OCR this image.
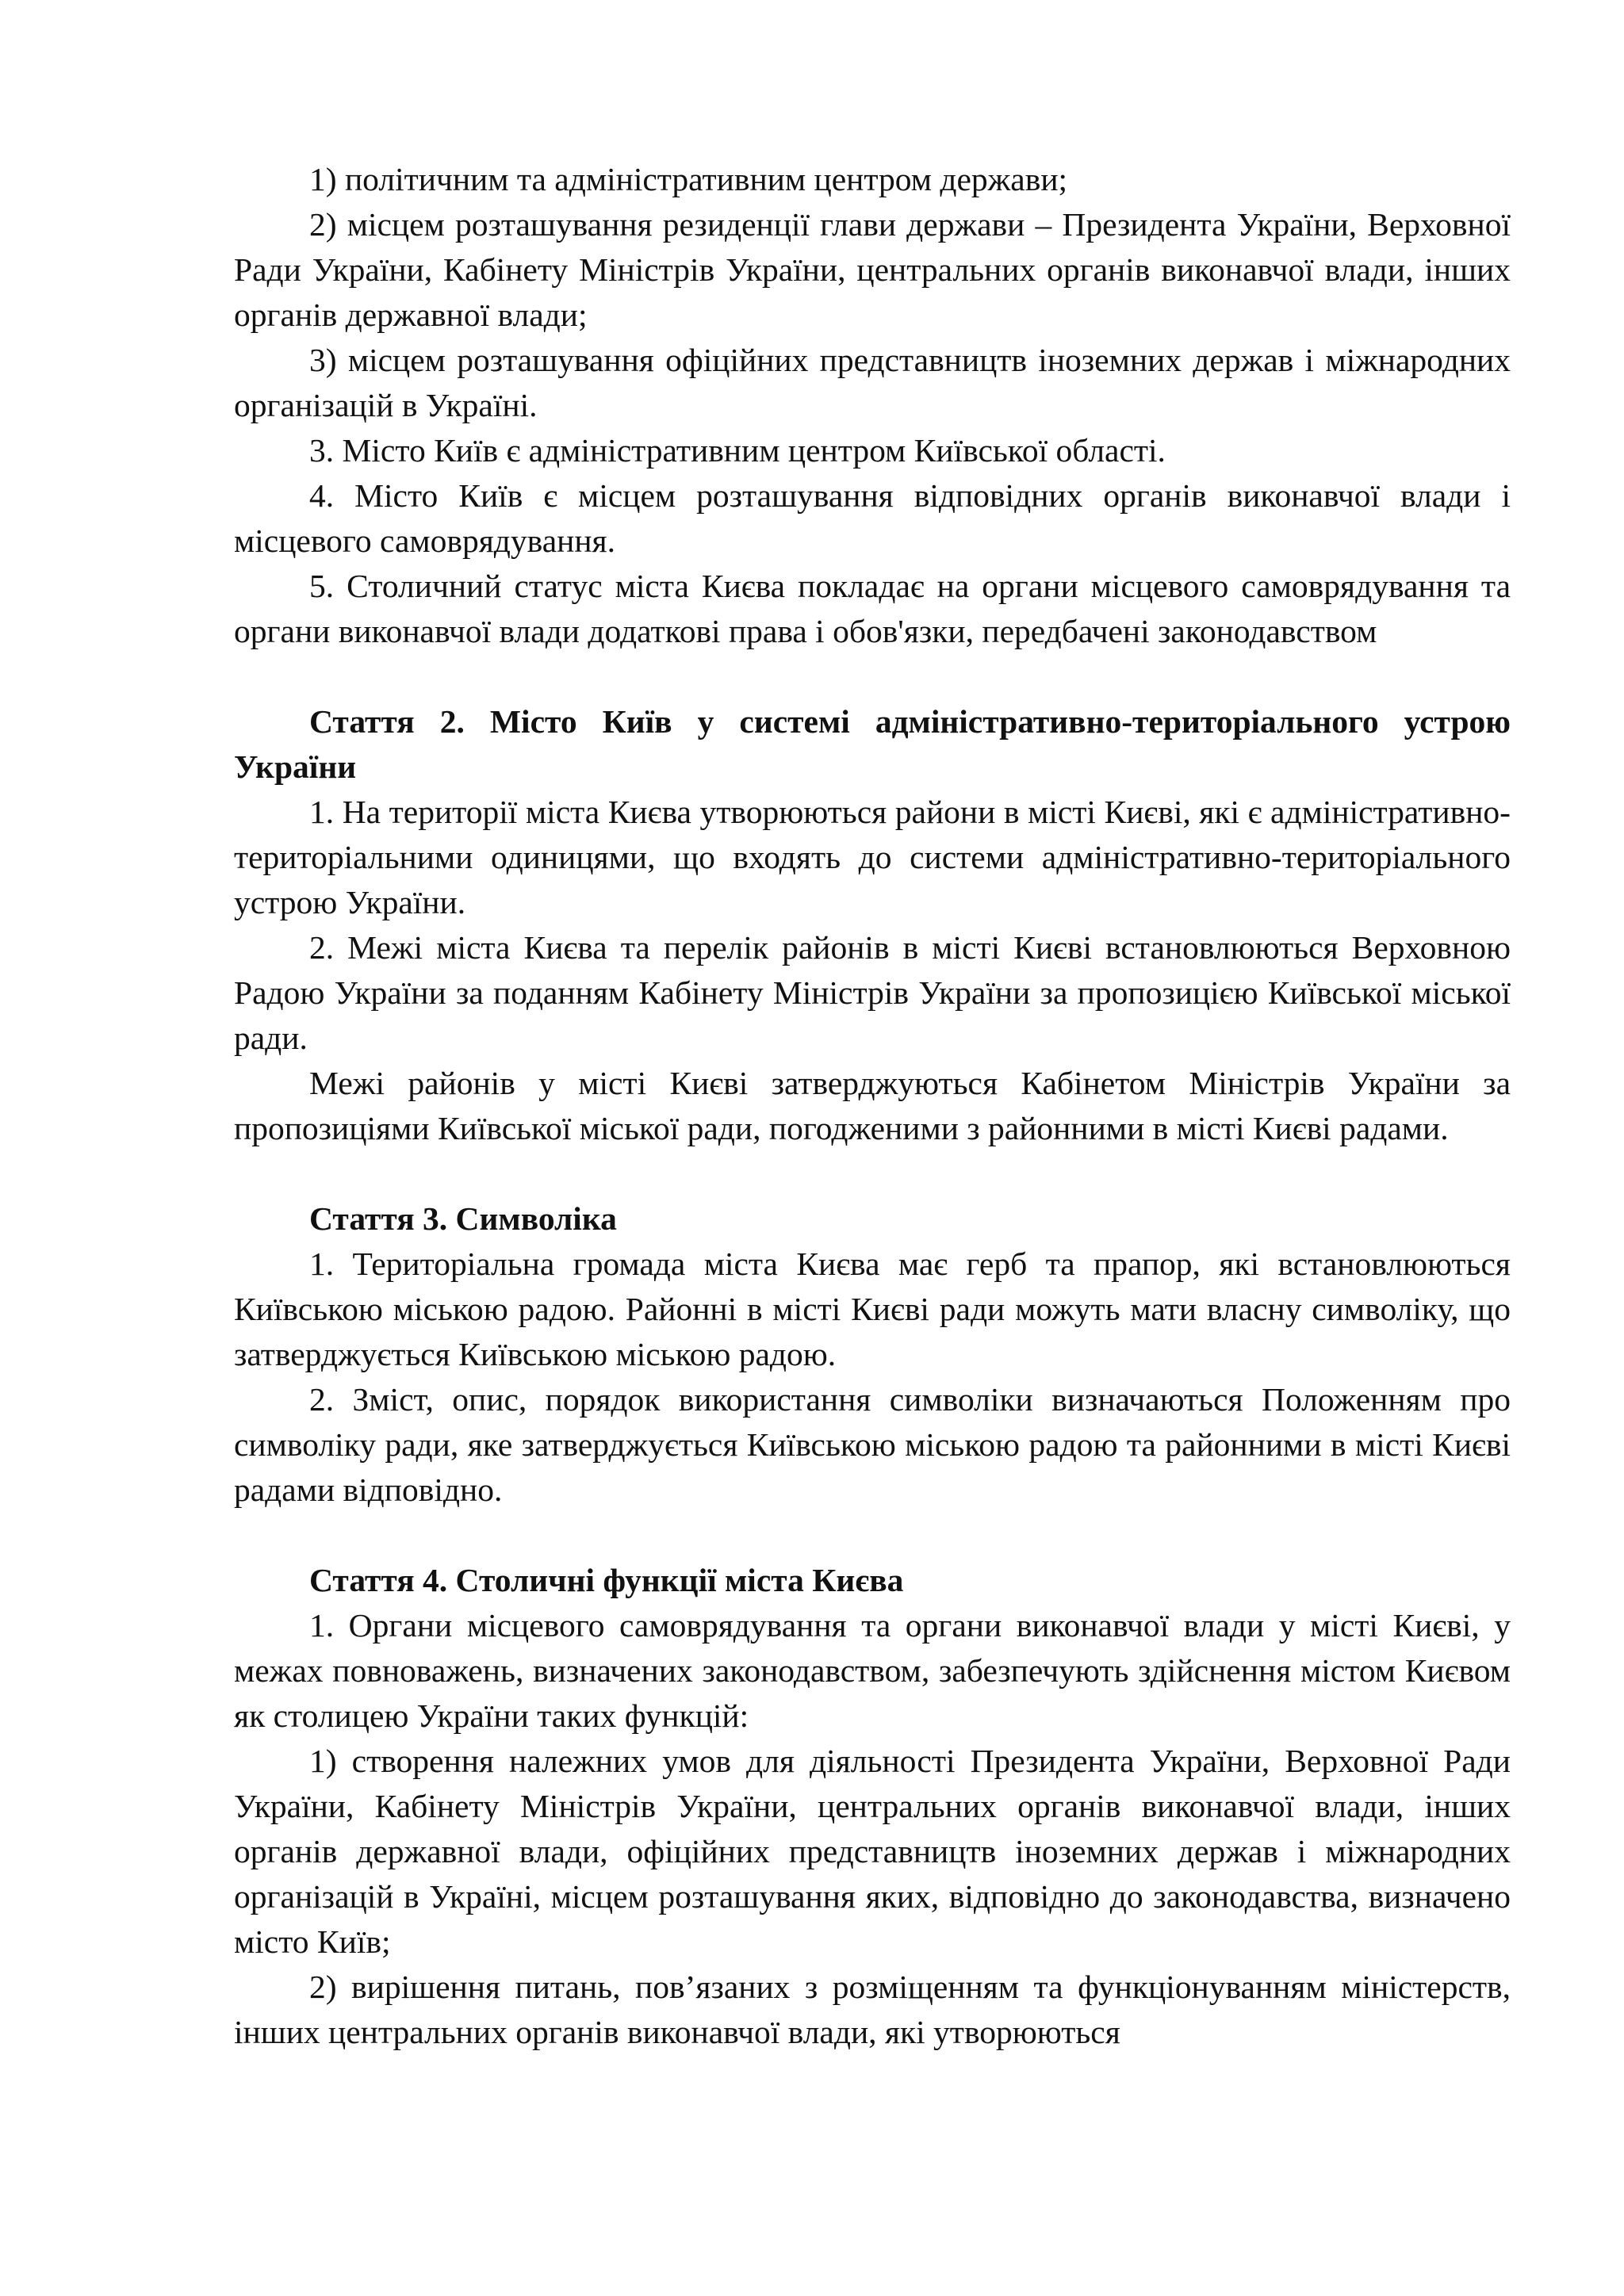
1) політичним та адміністративним центром держави;

2) місцем розташування резиденції глави держави – Президента України, Верховної Ради України, Кабінету Міністрів України, центральних органів виконавчої влади, інших органів державної влади;

3) місцем розташування офіційних представництв іноземних держав і міжнародних організацій в Україні.

3. Місто Київ є адміністративним центром Київської області.

4. Місто Київ є місцем розташування відповідних органів виконавчої влади і місцевого самоврядування.

5. Столичний статус міста Києва покладає на органи місцевого самоврядування та органи виконавчої влади додаткові права і обов'язки, передбачені законодавством

Стаття 2. Місто Київ у системі адміністративно-територіального устрою України

1. На території міста Києва утворюються райони в місті Києві, які є адміністративно-територіальними одиницями, що входять до системи адміністративно-територіального устрою України.

2. Межі міста Києва та перелік районів в місті Києві встановлюються Верховною Радою України за поданням Кабінету Міністрів України за пропозицією Київської міської ради.

Межі районів у місті Києві затверджуються Кабінетом Міністрів України за пропозиціями Київської міської ради, погодженими з районними в місті Києві радами.

Стаття 3. Символіка

1. Територіальна громада міста Києва має герб та прапор, які встановлюються Київською міською радою. Районні в місті Києві ради можуть мати власну символіку, що затверджується Київською міською радою.

2. Зміст, опис, порядок використання символіки визначаються Положенням про символіку ради, яке затверджується Київською міською радою та районними в місті Києві радами відповідно.

Стаття 4. Столичні функції міста Києва

1. Органи місцевого самоврядування та органи виконавчої влади у місті Києві, у межах повноважень, визначених законодавством, забезпечують здійснення містом Києвом як столицею України таких функцій:

1) створення належних умов для діяльності Президента України, Верховної Ради України, Кабінету Міністрів України, центральних органів виконавчої влади, інших органів державної влади, офіційних представництв іноземних держав і міжнародних організацій в Україні, місцем розташування яких, відповідно до законодавства, визначено місто Київ;

2) вирішення питань, пов’язаних з розміщенням та функціонуванням міністерств, інших центральних органів виконавчої влади, які утворюються
